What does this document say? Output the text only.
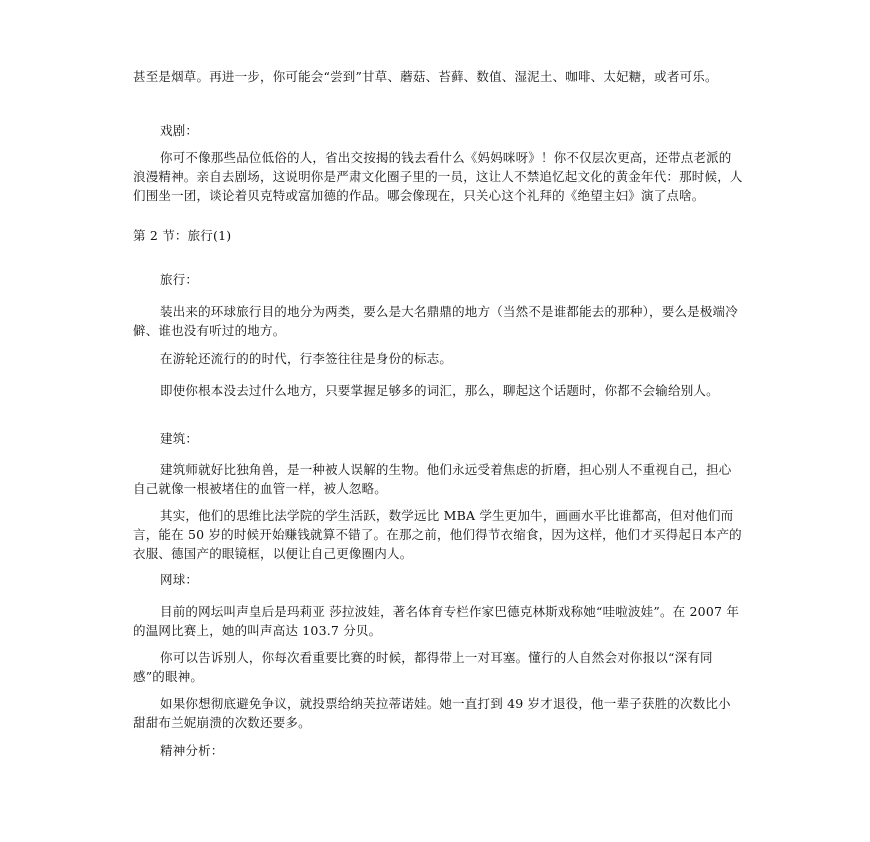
甚至是烟草。再进一步，你可能会“尝到”甘草、蘑菇、苔藓、数值、湿泥土、咖啡、太妃糖，或者可乐。
戏剧：
你可不像那些品位低俗的人，省出交按揭的钱去看什么《妈妈咪呀》！你不仅层次更高，还带点老派的浪漫精神。亲自去剧场，这说明你是严肃文化圈子里的一员，这让人不禁追忆起文化的黄金年代：那时候，人们围坐一团，谈论着贝克特或富加德的作品。哪会像现在，只关心这个礼拜的《绝望主妇》演了点啥。
第 2 节：旅行(1)
旅行：
装出来的环球旅行目的地分为两类，要么是大名鼎鼎的地方（当然不是谁都能去的那种），要么是极端冷僻、谁也没有听过的地方。
在游轮还流行的的时代，行李签往往是身份的标志。
即使你根本没去过什么地方，只要掌握足够多的词汇，那么，聊起这个话题时，你都不会输给别人。
建筑：
建筑师就好比独角兽，是一种被人误解的生物。他们永远受着焦虑的折磨，担心别人不重视自己，担心自己就像一根被堵住的血管一样，被人忽略。
其实，他们的思维比法学院的学生活跃，数学远比 MBA 学生更加牛，画画水平比谁都高，但对他们而言，能在 50 岁的时候开始赚钱就算不错了。在那之前，他们得节衣缩食，因为这样，他们才买得起日本产的衣服、德国产的眼镜框，以便让自己更像圈内人。
网球：
目前的网坛叫声皇后是玛莉亚 莎拉波娃，著名体育专栏作家巴德克林斯戏称她“哇啦波娃”。在 2007 年的温网比赛上，她的叫声高达 103.7 分贝。
你可以告诉别人，你每次看重要比赛的时候，都得带上一对耳塞。懂行的人自然会对你报以“深有同感”的眼神。
如果你想彻底避免争议，就投票给纳芙拉蒂诺娃。她一直打到 49 岁才退役，他一辈子获胜的次数比小甜甜布兰妮崩溃的次数还要多。
精神分析：
